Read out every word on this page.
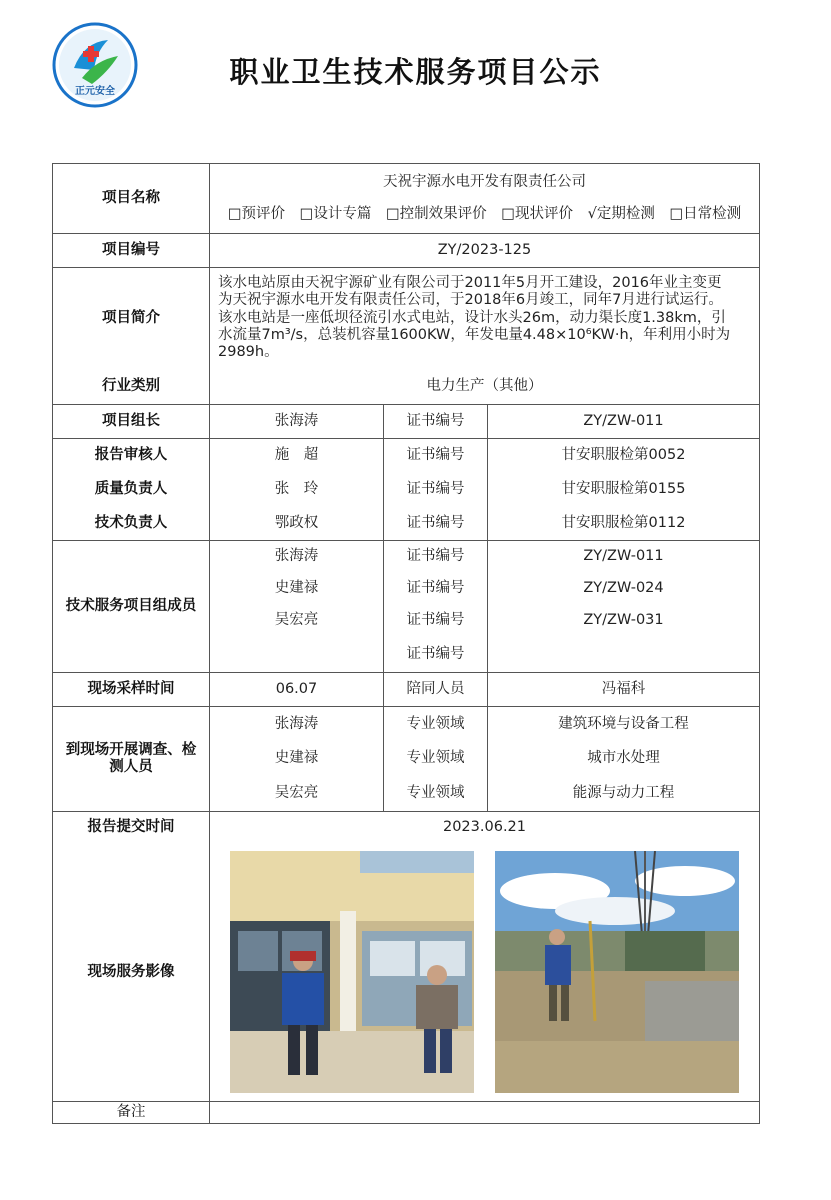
正元安全
职业卫生技术服务项目公示
项目名称	天祝宇源水电开发有限责任公司
□预评价 □设计专篇 □控制效果评价 □现状评价 √定期检测 □日常检测		

项目编号	ZY/2023-125		
项目简介	该水电站原由天祝宇源矿业有限公司于2011年5月开工建设，2016年业主变更
为天祝宇源水电开发有限责任公司，于2018年6月竣工，同年7月进行试运行。
该水电站是一座低坝径流引水式电站，设计水头26m，动力渠长度1.38km，引
水流量7m³/s，总装机容量1600KW，年发电量4.48×10⁶KW·h，年利用小时为
2989h。		

行业类别	电力生产（其他）		
项目组长	张海涛	证书编号	ZY/ZW-011
报告审核人	施　超	证书编号	甘安职服检第0052
质量负责人	张　玲	证书编号	甘安职服检第0155
技术负责人	鄂政权	证书编号	甘安职服检第0112
技术服务项目组成员	张海涛	证书编号	ZY/ZW-011
	史建禄	证书编号	ZY/ZW-024
	吴宏亮	证书编号	ZY/ZW-031
		证书编号	
现场采样时间	06.07	陪同人员	冯福科
到现场开展调查、检测人员	张海涛	专业领域	建筑环境与设备工程
	史建禄	专业领域	城市水处理
	吴宏亮	专业领域	能源与动力工程
报告提交时间	2023.06.21		
现场服务影像	

备注			
